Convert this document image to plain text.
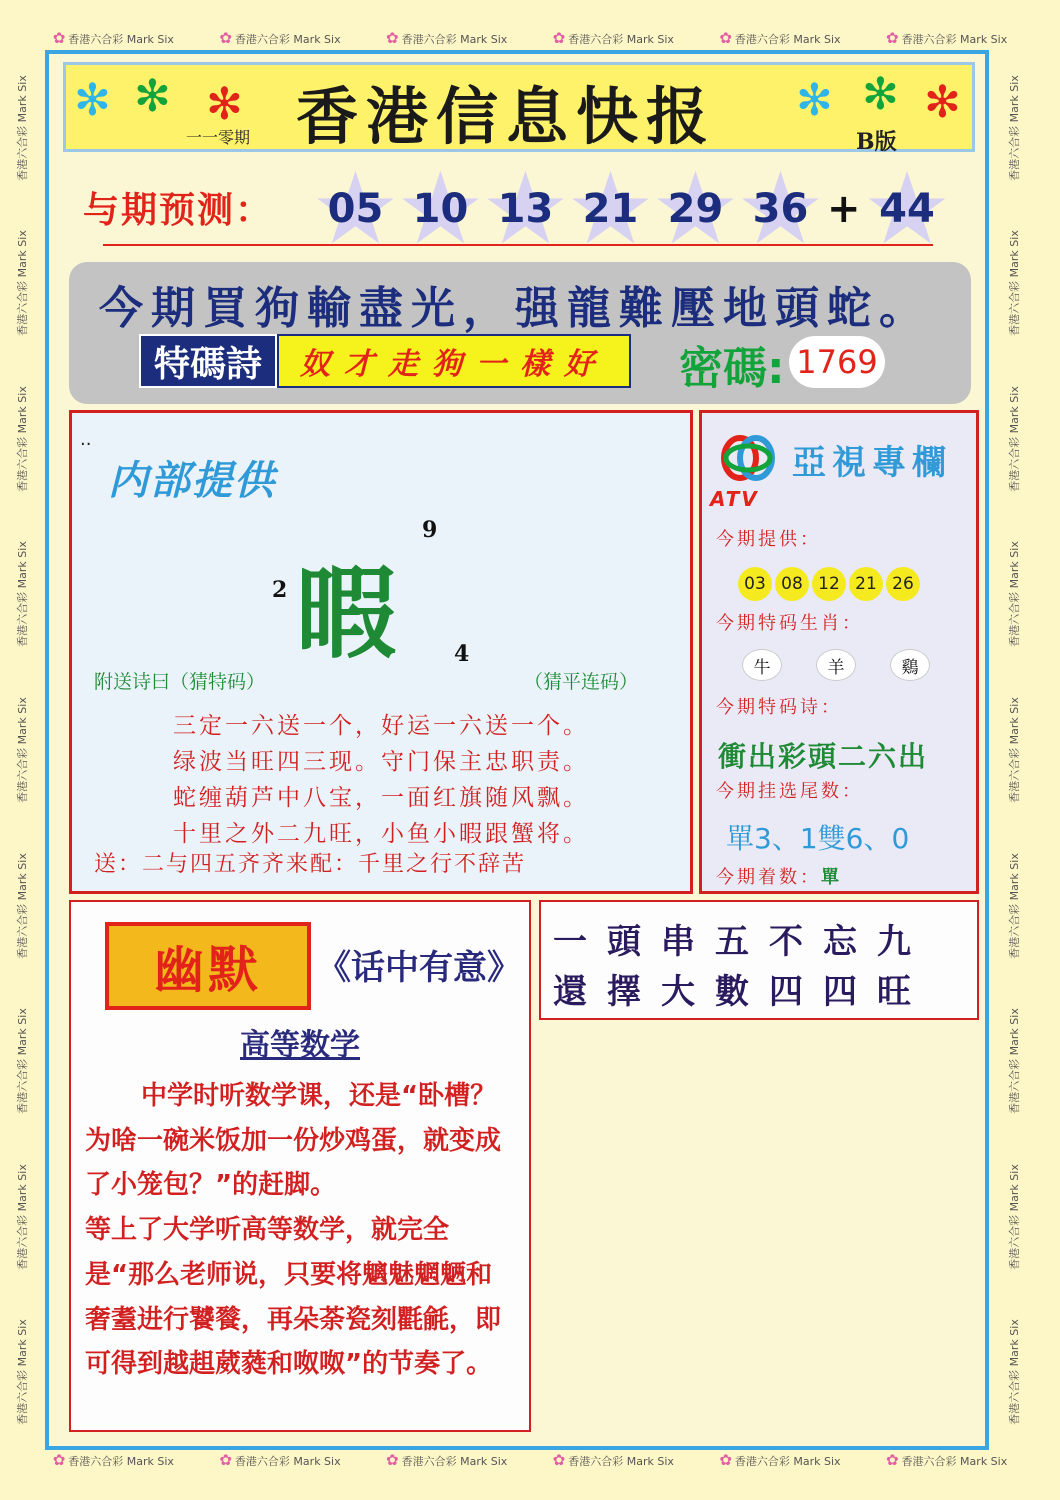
✿ 香港六合彩 Mark Six	✿ 香港六合彩 Mark Six	✿ 香港六合彩 Mark Six	✿ 香港六合彩 Mark Six	✿ 香港六合彩 Mark Six	✿ 香港六合彩 Mark Six
✿ 香港六合彩 Mark Six	✿ 香港六合彩 Mark Six	✿ 香港六合彩 Mark Six	✿ 香港六合彩 Mark Six	✿ 香港六合彩 Mark Six	✿ 香港六合彩 Mark Six
香港六合彩 Mark Six
香港六合彩 Mark Six
香港六合彩 Mark Six
香港六合彩 Mark Six
香港六合彩 Mark Six
香港六合彩 Mark Six
香港六合彩 Mark Six
香港六合彩 Mark Six
香港六合彩 Mark Six
香港六合彩 Mark Six
香港六合彩 Mark Six
香港六合彩 Mark Six
香港六合彩 Mark Six
香港六合彩 Mark Six
香港六合彩 Mark Six
香港六合彩 Mark Six
香港六合彩 Mark Six
香港六合彩 Mark Six
✻ ✻ ✻	✻ ✻ ✻
香港信息快报
一一零期	B版
与期预测： ★ 05 ★ 10 ★ 13 ★ 21 ★ 29 ★ 36 + ★ 44
今期買狗輸盡光，强龍難壓地頭蛇。
特碼詩	奴才走狗一樣好	密碼: 1769
..
内部提供
9
2 暇	4
附送诗曰（猜特码）	（猜平连码）
三定一六送一个，好运一六送一个。
绿波当旺四三现。守门保主忠职责。
蛇缠葫芦中八宝，一面红旗随风飘。
十里之外二九旺，小鱼小暇跟蟹将。
送：二与四五齐齐来配：千里之行不辞苦
ATV
亞視專欄
今期提供：
03 08 12 21 26
今期特码生肖：
牛	羊	鷄
今期特码诗：
衝出彩頭二六出
今期挂选尾数：
單3、1雙6、0
今期着数：單
幽默	《话中有意》
高等数学

中学时听数学课，还是“卧槽？为啥一碗米饭加一份炒鸡蛋，就变成了小笼包？”的赶脚。

等上了大学听高等数学，就完全是“那么老师说，只要将魑魅魍魉和奢耋进行饕餮，再朵荼瓷刻氍毹，即可得到越趄葳蕤和呶呶”的节奏了。

一頭串五不忘九
還擇大數四四旺
